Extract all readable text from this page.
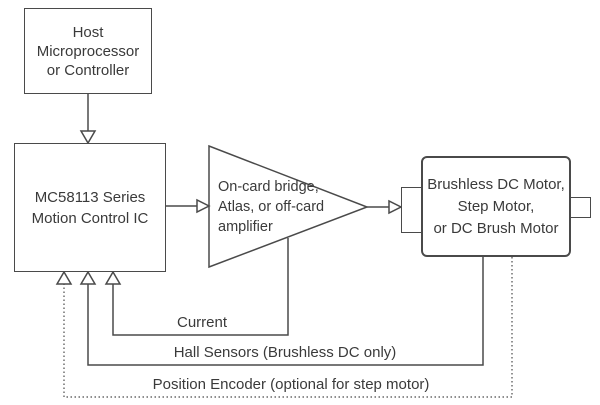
Host
Microprocessor
or Controller
MC58113 Series
Motion Control IC
Brushless DC Motor,
Step Motor,
or DC Brush Motor
On-card bridge,
Atlas, or off-card
amplifier
Current
Hall Sensors (Brushless DC only)
Position Encoder (optional for step motor)
